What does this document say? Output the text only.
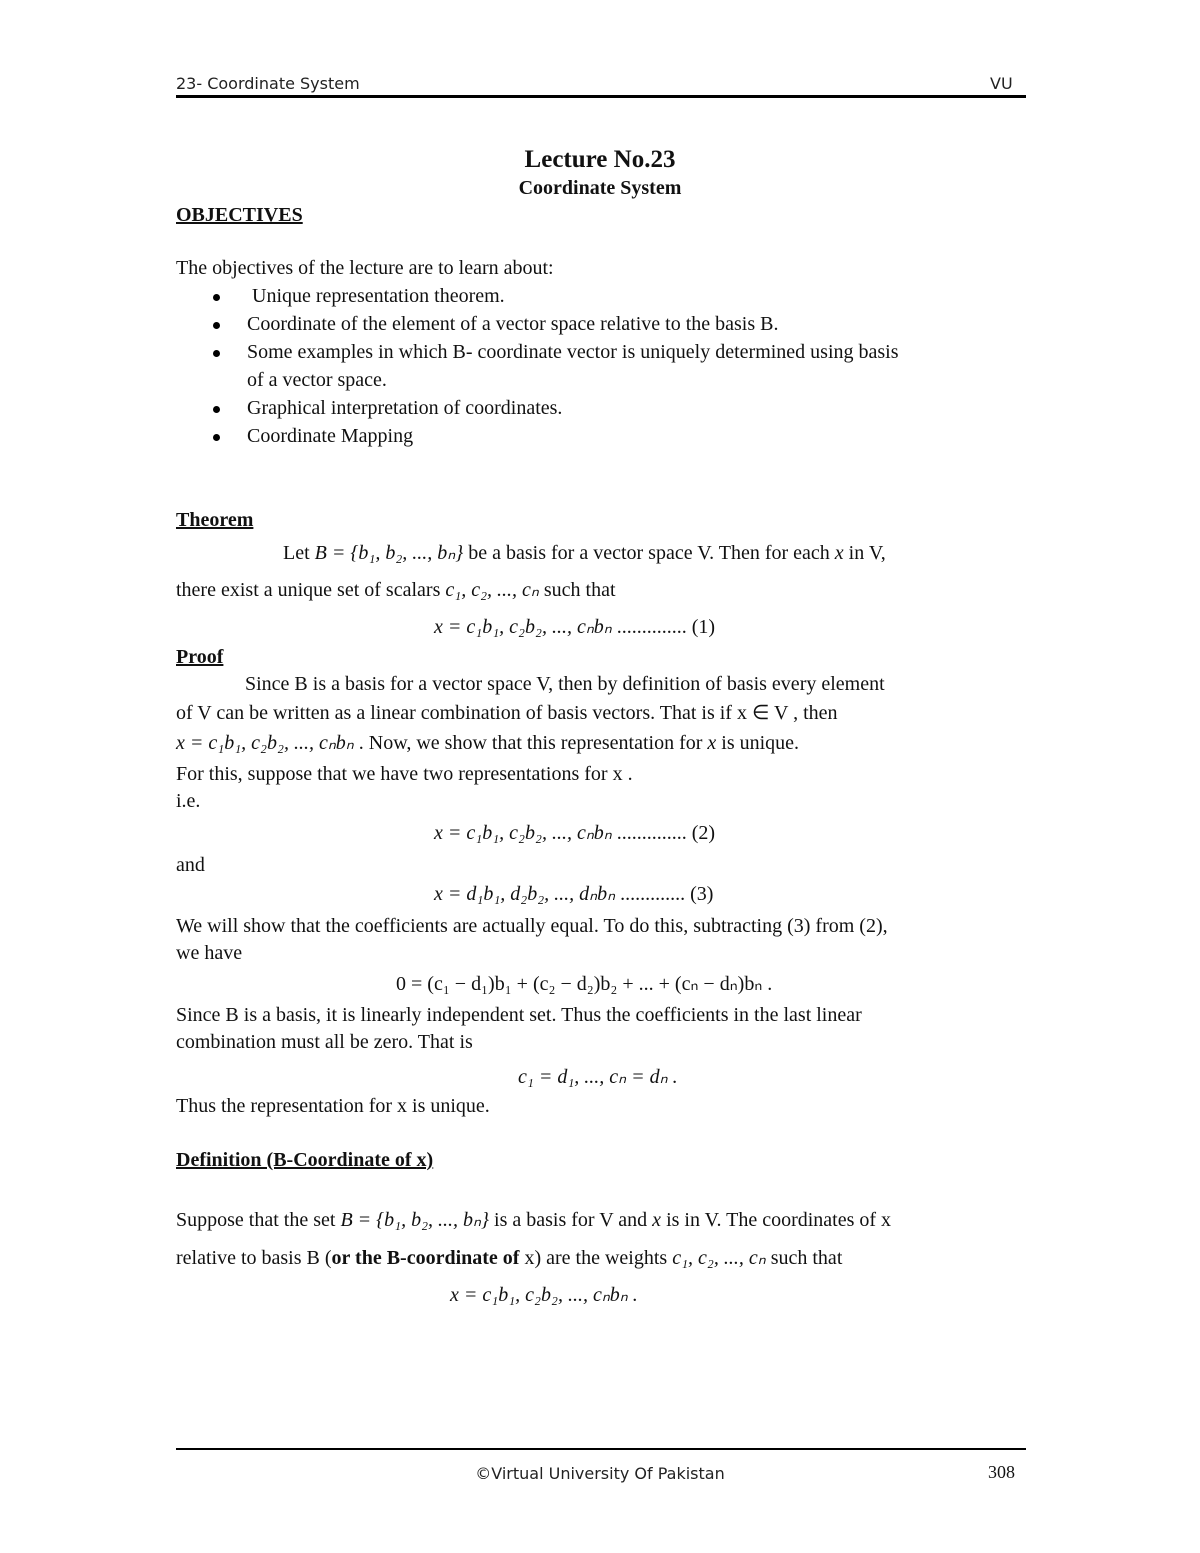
23- Coordinate System	VU
Lecture No.23
Coordinate System
OBJECTIVES
The objectives of the lecture are to learn about:
Unique representation theorem.
Coordinate of the element of a vector space relative to the basis B.
Some examples in which B- coordinate vector is uniquely determined using basis
of a vector space.
Graphical interpretation of coordinates.
Coordinate Mapping
Theorem
Let B = {b₁, b₂, ..., bₙ} be a basis for a vector space V. Then for each x in V,
there exist a unique set of scalars c₁, c₂, ..., cₙ such that
x = c₁b₁, c₂b₂, ..., cₙbₙ .............. (1)
Proof
Since B is a basis for a vector space V, then by definition of basis every element
of V can be written as a linear combination of basis vectors. That is if x ∈ V , then
x = c₁b₁, c₂b₂, ..., cₙbₙ . Now, we show that this representation for x is unique.
For this, suppose that we have two representations for x .
i.e.
x = c₁b₁, c₂b₂, ..., cₙbₙ .............. (2)
and
x = d₁b₁, d₂b₂, ..., dₙbₙ ............. (3)
We will show that the coefficients are actually equal. To do this, subtracting (3) from (2),
we have
0 = (c₁ − d₁)b₁ + (c₂ − d₂)b₂ + ... + (cₙ − dₙ)bₙ .
Since B is a basis, it is linearly independent set. Thus the coefficients in the last linear
combination must all be zero. That is
c₁ = d₁, ..., cₙ = dₙ .
Thus the representation for x is unique.
Definition (B-Coordinate of x)
Suppose that the set B = {b₁, b₂, ..., bₙ} is a basis for V and x is in V. The coordinates of x
relative to basis B (or the B-coordinate of x) are the weights c₁, c₂, ..., cₙ such that
x = c₁b₁, c₂b₂, ..., cₙbₙ .
©Virtual University Of Pakistan	308
